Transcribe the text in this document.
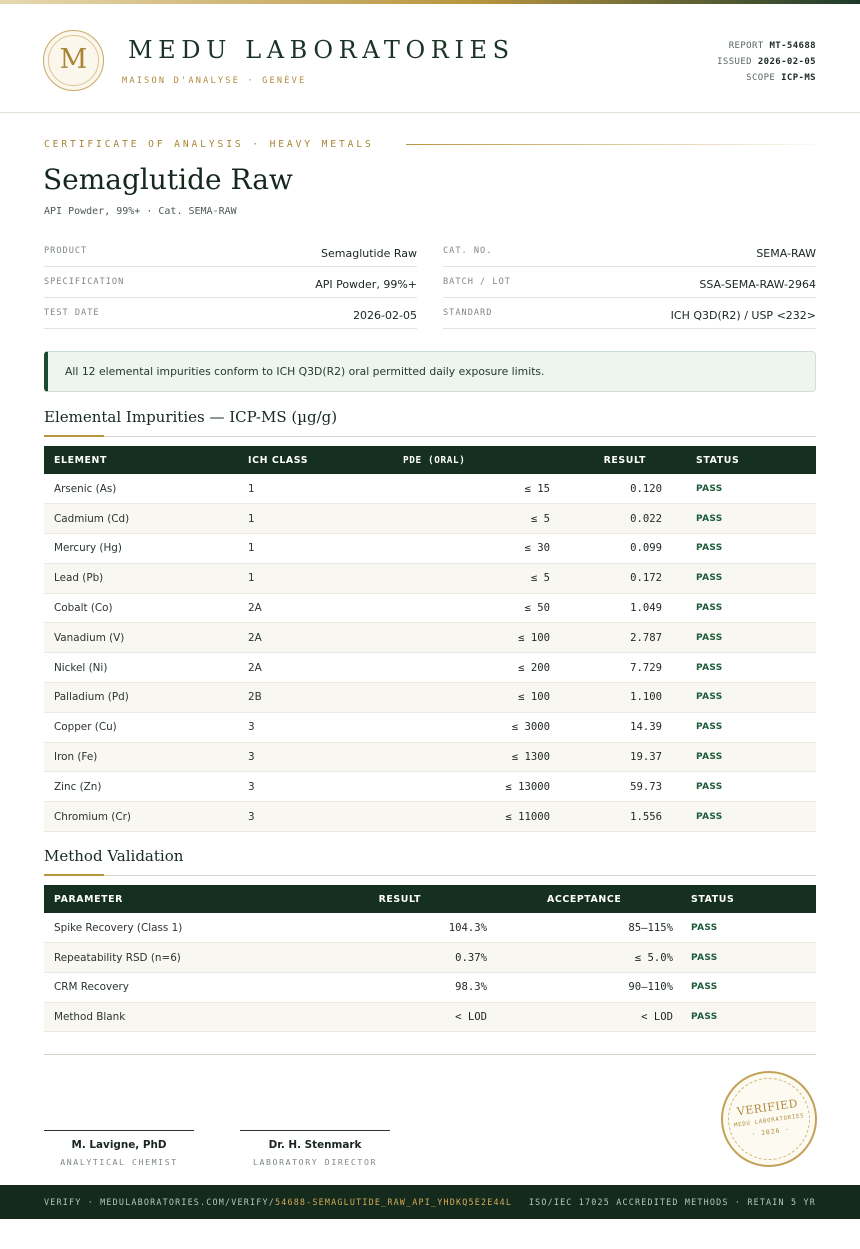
M	MEDU LABORATORIES
MAISON D'ANALYSE · GENÈVE
REPORT MT-54688
ISSUED 2026-02-05
SCOPE ICP-MS
CERTIFICATE OF ANALYSIS · HEAVY METALS
Semaglutide Raw
API Powder, 99%+ · Cat. SEMA-RAW
PRODUCT	Semaglutide Raw
SPECIFICATION	API Powder, 99%+
TEST DATE	2026-02-05
CAT. NO.	SEMA-RAW
BATCH / LOT	SSA-SEMA-RAW-2964
STANDARD	ICH Q3D(R2) / USP <232>
All 12 elemental impurities conform to ICH Q3D(R2) oral permitted daily exposure limits.
Elemental Impurities — ICP-MS (µg/g)
ELEMENT	ICH CLASS	PDE (ORAL)	RESULT	STATUS
Arsenic (As)	1	≤ 15	0.120	PASS
Cadmium (Cd)	1	≤ 5	0.022	PASS
Mercury (Hg)	1	≤ 30	0.099	PASS
Lead (Pb)	1	≤ 5	0.172	PASS
Cobalt (Co)	2A	≤ 50	1.049	PASS
Vanadium (V)	2A	≤ 100	2.787	PASS
Nickel (Ni)	2A	≤ 200	7.729	PASS
Palladium (Pd)	2B	≤ 100	1.100	PASS
Copper (Cu)	3	≤ 3000	14.39	PASS
Iron (Fe)	3	≤ 1300	19.37	PASS
Zinc (Zn)	3	≤ 13000	59.73	PASS
Chromium (Cr)	3	≤ 11000	1.556	PASS
Method Validation
PARAMETER	RESULT	ACCEPTANCE	STATUS
Spike Recovery (Class 1)	104.3%	85–115%	PASS
Repeatability RSD (n=6)	0.37%	≤ 5.0%	PASS
CRM Recovery	98.3%	90–110%	PASS
Method Blank	< LOD	< LOD	PASS
M. Lavigne, PhD
ANALYTICAL CHEMIST
Dr. H. Stenmark
LABORATORY DIRECTOR
VERIFIED
MEDU LABORATORIES
· 2026 ·
VERIFY · MEDULABORATORIES.COM/VERIFY/54688-SEMAGLUTIDE_RAW_API_YHDKQ5E2E44L ISO/IEC 17025 ACCREDITED METHODS · RETAIN 5 YR
